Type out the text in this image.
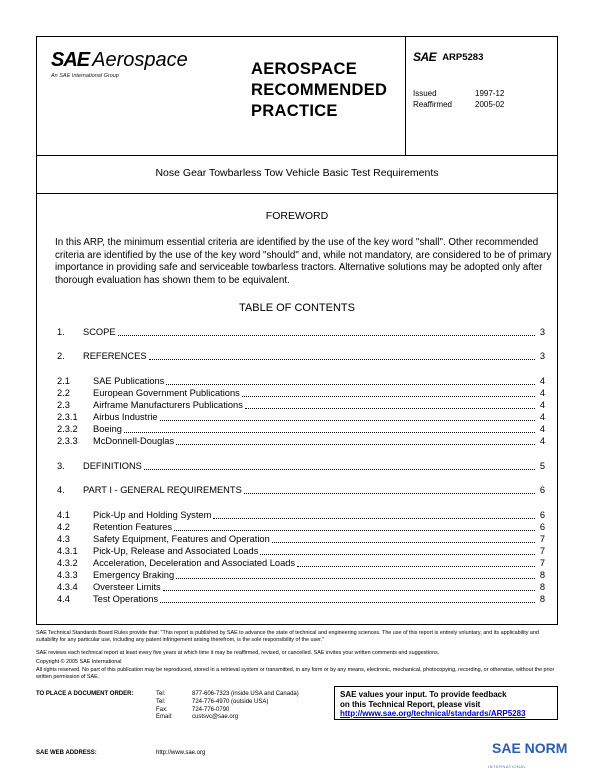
SAE Aerospace
An SAE International Group	AEROSPACE
RECOMMENDED
PRACTICE
SAE ARP5283
Issued	1997-12
Reaffirmed	2005-02
Nose Gear Towbarless Tow Vehicle Basic Test Requirements
FOREWORD
In this ARP, the minimum essential criteria are identified by the use of the key word "shall". Other recommended criteria are identified by the use of the key word "should" and, while not mandatory, are considered to be of primary importance in providing safe and serviceable towbarless tractors. Alternative solutions may be adopted only after thorough evaluation has shown them to be equivalent.
TABLE OF CONTENTS
1.	SCOPE	3
2.	REFERENCES	3
2.1	SAE Publications	4
2.2	European Government Publications	4
2.3	Airframe Manufacturers Publications	4
2.3.1	Airbus Industrie	4
2.3.2	Boeing	4
2.3.3	McDonnell-Douglas	4
3.	DEFINITIONS	5
4.	PART I - GENERAL REQUIREMENTS	6
4.1	Pick-Up and Holding System	6
4.2	Retention Features	6
4.3	Safety Equipment, Features and Operation	7
4.3.1	Pick-Up, Release and Associated Loads	7
4.3.2	Acceleration, Deceleration and Associated Loads	7
4.3.3	Emergency Braking	8
4.3.4	Oversteer Limits	8
4.4	Test Operations	8
SAE Technical Standards Board Rules provide that: "This report is published by SAE to advance the state of technical and engineering sciences. The use of this report is entirely voluntary, and its applicability and suitability for any particular use, including any patent infringement arising therefrom, is the sole responsibility of the user."
SAE reviews each technical report at least every five years at which time it may be reaffirmed, revised, or cancelled. SAE invites your written comments and suggestions.
Copyright © 2005 SAE International
All rights reserved. No part of this publication may be reproduced, stored in a retrieval system or transmitted, in any form or by any means, electronic, mechanical, photocopying, recording, or otherwise, without the prior written permission of SAE.
TO PLACE A DOCUMENT ORDER:	Tel:	877-606-7323 (inside USA and Canada)
Tel:	724-776-4970 (outside USA)
Fax:	724-776-0790
Email:	custsvc@sae.org
SAE values your input. To provide feedback
on this Technical Report, please visit
http://www.sae.org/technical/standards/ARP5283
SAE WEB ADDRESS:	http://www.sae.org	SAE NORM
INTERNATIONAL
